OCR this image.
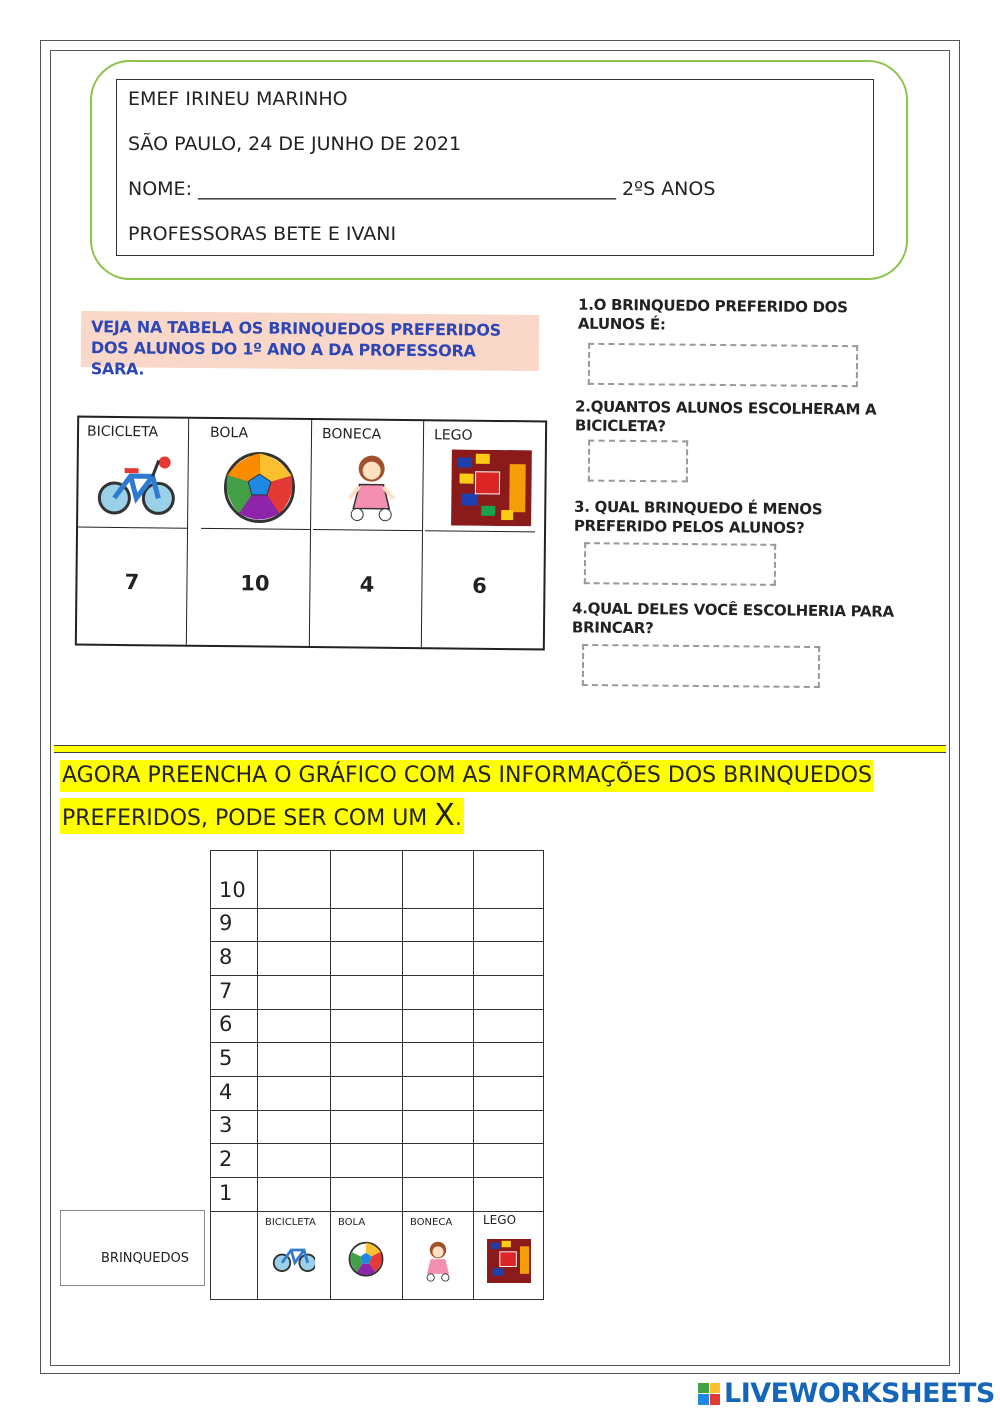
EMEF IRINEU MARINHO
SÃO PAULO, 24 DE JUNHO DE 2021
NOME: ____________________________________________ 2ºS ANOS
PROFESSORAS BETE E IVANI
VEJA NA TABELA OS BRINQUEDOS PREFERIDOS
DOS ALUNOS DO 1º ANO A DA PROFESSORA SARA.
BICICLETA
7
BOLA
10
BONECA
4
LEGO
6
1.O BRINQUEDO PREFERIDO DOS
ALUNOS É:
2.QUANTOS ALUNOS ESCOLHERAM A
BICICLETA?
3. QUAL BRINQUEDO É MENOS
PREFERIDO PELOS ALUNOS?
4.QUAL DELES VOCÊ ESCOLHERIA PARA
BRINCAR?
AGORA PREENCHA O GRÁFICO COM AS INFORMAÇÕES DOS BRINQUEDOS
PREFERIDOS, PODE SER COM UM X.
10
9
8
7
6
5
4
3
2
1
BICICLETA BOLA	BONECA	LEGO
BRINQUEDOS
LIVEWORKSHEETS
